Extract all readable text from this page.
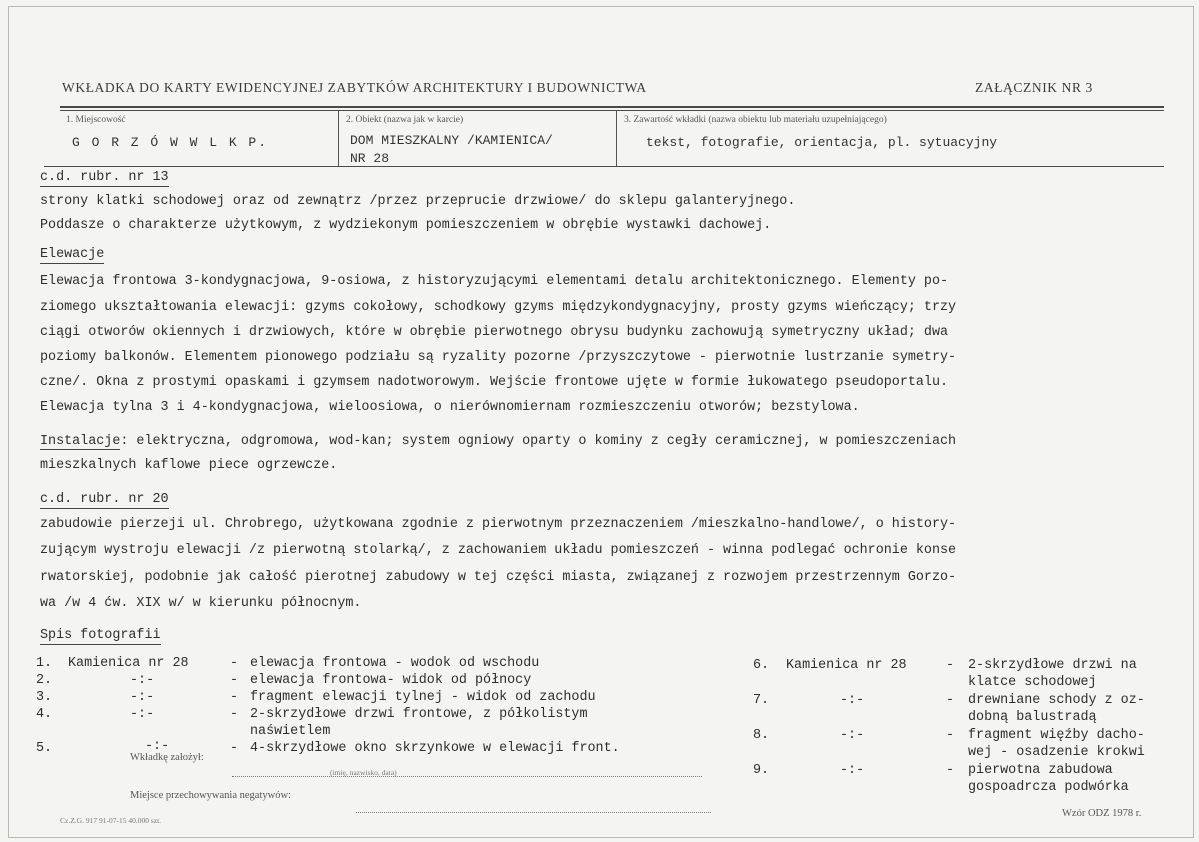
WKŁADKA DO KARTY EWIDENCYJNEJ ZABYTKÓW ARCHITEKTURY I BUDOWNICTWA	ZAŁĄCZNIK NR 3
1. Miejscowość
G O R Z Ó W W L K P.
2. Obiekt (nazwa jak w karcie)
DOM MIESZKALNY /KAMIENICA/
NR 28
3. Zawartość wkładki (nazwa obiektu lub materiału uzupełniającego)
tekst, fotografie, orientacja, pl. sytuacyjny
c.d. rubr. nr 13
strony klatki schodowej oraz od zewnątrz /przez przeprucie drzwiowe/ do sklepu galanteryjnego.
Poddasze o charakterze użytkowym, z wydziekonym pomieszczeniem w obrębie wystawki dachowej.
Elewacje
Elewacja frontowa 3-kondygnacjowa, 9-osiowa, z historyzującymi elementami detalu architektonicznego. Elementy po-
ziomego ukształtowania elewacji: gzyms cokołowy, schodkowy gzyms międzykondygnacyjny, prosty gzyms wieńczący; trzy
ciągi otworów okiennych i drzwiowych, które w obrębie pierwotnego obrysu budynku zachowują symetryczny układ; dwa
poziomy balkonów. Elementem pionowego podziału są ryzality pozorne /przyszczytowe - pierwotnie lustrzanie symetry-
czne/. Okna z prostymi opaskami i gzymsem nadotworowym. Wejście frontowe ujęte w formie łukowatego pseudoportalu.
Elewacja tylna 3 i 4-kondygnacjowa, wieloosiowa, o nierównomiernam rozmieszczeniu otworów; bezstylowa.
Instalacje: elektryczna, odgromowa, wod-kan; system ogniowy oparty o kominy z cegły ceramicznej, w pomieszczeniach
mieszkalnych kaflowe piece ogrzewcze.
c.d. rubr. nr 20
zabudowie pierzeji ul. Chrobrego, użytkowana zgodnie z pierwotnym przeznaczeniem /mieszkalno-handlowe/, o history-
zującym wystroju elewacji /z pierwotną stolarką/, z zachowaniem układu pomieszczeń - winna podlegać ochronie konse
rwatorskiej, podobnie jak całość pierotnej zabudowy w tej części miasta, związanej z rozwojem przestrzennym Gorzo-
wa /w 4 ćw. XIX w/ w kierunku północnym.
Spis fotografii
1. Kamienica nr 28	- elewacja frontowa - wodok od wschodu
2.	-:-	- elewacja frontowa- widok od północy
3.	-:-	- fragment elewacji tylnej - widok od zachodu
4.	-:-	- 2-skrzydłowe drzwi frontowe, z półkolistym
naświetlem
5.	-:-	- 4-skrzydłowe okno skrzynkowe w elewacji front.
6. Kamienica nr 28	- 2-skrzydłowe drzwi na
klatce schodowej
7.	-:-	- drewniane schody z oz-
dobną balustradą
8.	-:-	- fragment więźby dacho-
wej - osadzenie krokwi
9.	-:-	- pierwotna zabudowa
gospoadrcza podwórka
Wkładkę założył:
(imię, nazwisko, data)
Miejsce przechowywania negatywów:
Cz.Z.G. 917 91-07-15 40.000 szt.
Wzór ODZ 1978 r.
